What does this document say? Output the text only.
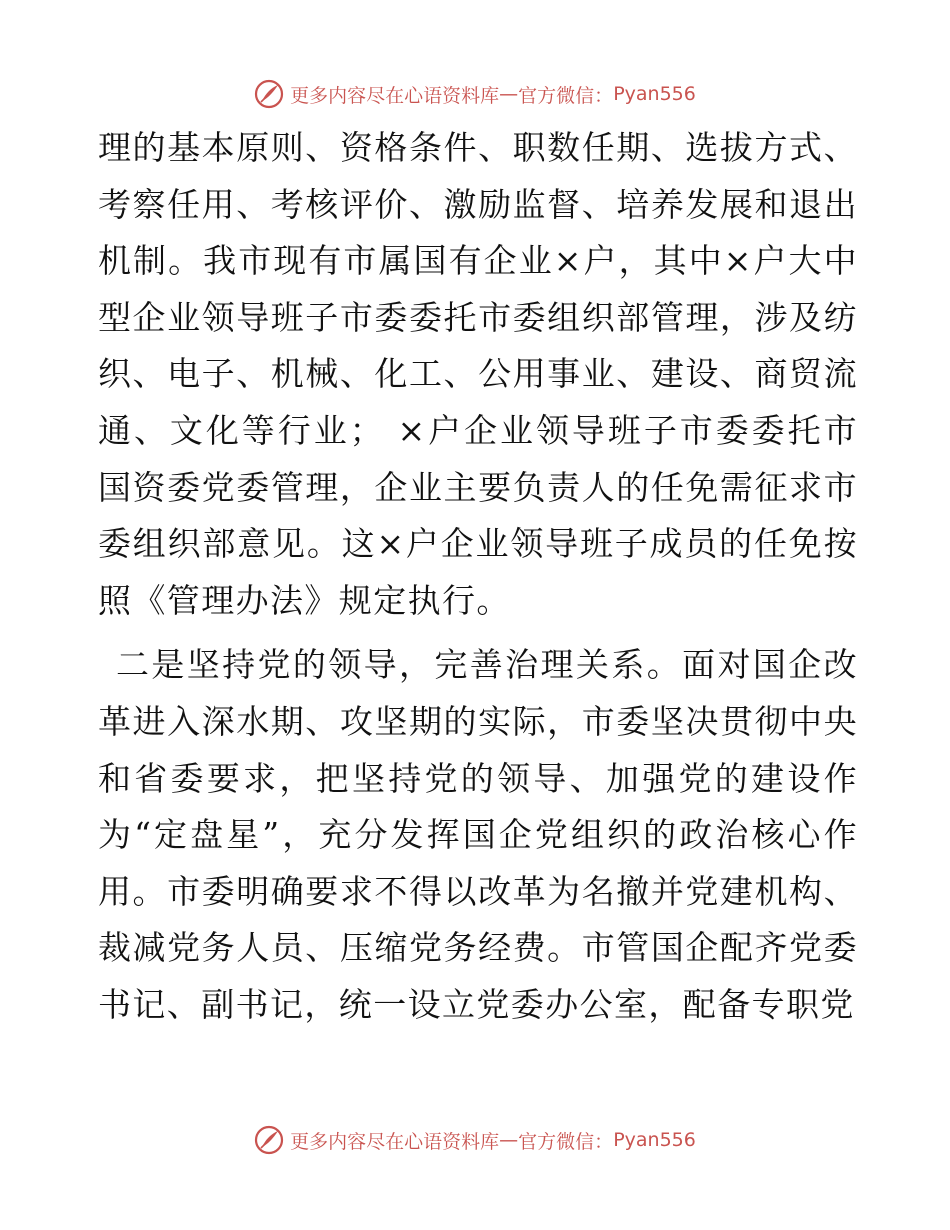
更多内容尽在心语资料库 — 官方微信： Pyan556

理的基本原则、资格条件、职数任期、选拔方式、考察任用、考核评价、激励监督、培养发展和退出机制。我市现有市属国有企业×户，其中×户大中型企业领导班子市委委托市委组织部管理，涉及纺织、电子、机械、化工、公用事业、建设、商贸流通、文化等行业； ×户企业领导班子市委委托市国资委党委管理，企业主要负责人的任免需征求市委组织部意见。这×户企业领导班子成员的任免按照《管理办法》规定执行。

二是坚持党的领导，完善治理关系。面对国企改革进入深水期、攻坚期的实际，市委坚决贯彻中央和省委要求，把坚持党的领导、加强党的建设作为“定盘星”，充分发挥国企党组织的政治核心作用。市委明确要求不得以改革为名撤并党建机构、裁减党务人员、压缩党务经费。市管国企配齐党委书记、副书记，统一设立党委办公室，配备专职党

更多内容尽在心语资料库 — 官方微信： Pyan556
